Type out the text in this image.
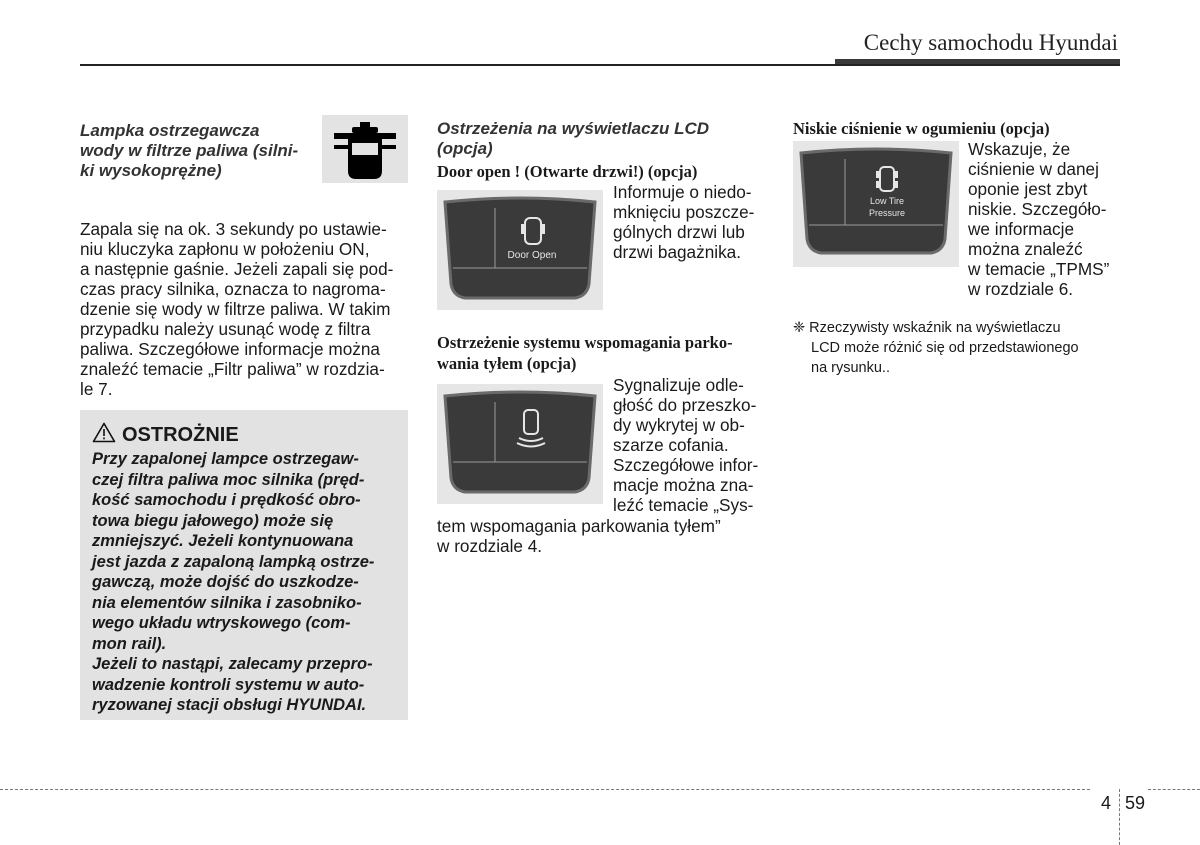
Cechy samochodu Hyundai
Lampka ostrzegawcza
wody w filtrze paliwa (silni-
ki wysokoprężne)
Zapala się na ok. 3 sekundy po ustawie-
niu kluczyka zapłonu w położeniu ON,
a następnie gaśnie. Jeżeli zapali się pod-
czas pracy silnika, oznacza to nagroma-
dzenie się wody w filtrze paliwa. W takim
przypadku należy usunąć wodę z filtra
paliwa. Szczegółowe informacje można
znaleźć temacie „Filtr paliwa” w rozdzia-
le 7.
OSTROŻNIE
Przy zapalonej lampce ostrzegaw-
czej filtra paliwa moc silnika (pręd-
kość samochodu i prędkość obro-
towa biegu jałowego) może się
zmniejszyć. Jeżeli kontynuowana
jest jazda z zapaloną lampką ostrze-
gawczą, może dojść do uszkodze-
nia elementów silnika i zasobniko-
wego układu wtryskowego (com-
mon rail).
Jeżeli to nastąpi, zalecamy przepro-
wadzenie kontroli systemu w auto-
ryzowanej stacji obsługi HYUNDAI.
Ostrzeżenia na wyświetlaczu LCD
(opcja)
Door open ! (Otwarte drzwi!) (opcja)
Door Open
Informuje o niedo-
mknięciu poszcze-
gólnych drzwi lub
drzwi bagażnika.
Ostrzeżenie systemu wspomagania parko-
wania tyłem (opcja)
Sygnalizuje odle-
głość do przeszko-
dy wykrytej w ob-
szarze cofania.
Szczegółowe infor-
macje można zna-
leźć temacie „Sys-
tem wspomagania parkowania tyłem”
w rozdziale 4.
Niskie ciśnienie w ogumieniu (opcja)
Low Tire
Pressure
Wskazuje, że
ciśnienie w danej
oponie jest zbyt
niskie. Szczegóło-
we informacje
można znaleźć
w temacie „TPMS”
w rozdziale 6.
❈ Rzeczywisty wskaźnik na wyświetlaczu
LCD może różnić się od przedstawionego
na rysunku..
4 59
